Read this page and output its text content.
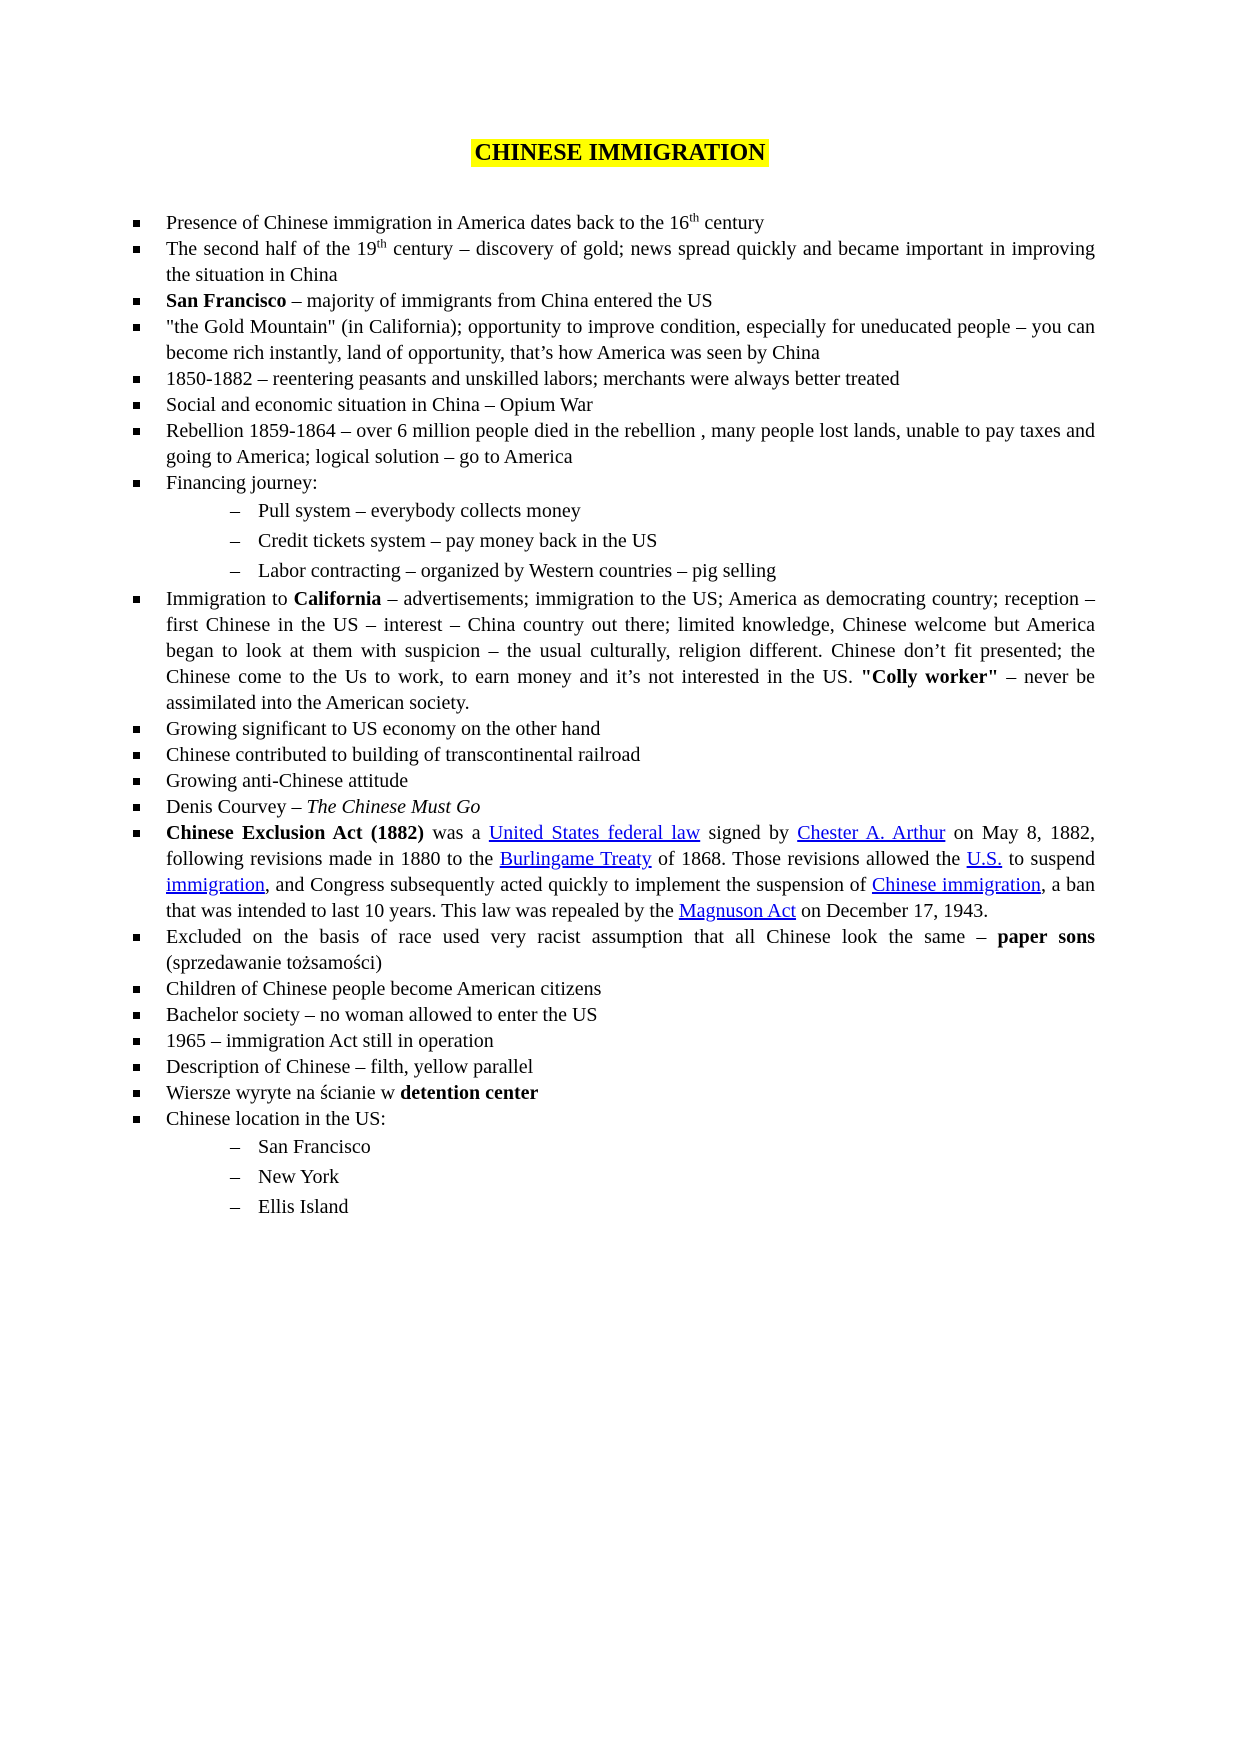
CHINESE IMMIGRATION
Presence of Chinese immigration in America dates back to the 16th century
The second half of the 19th century – discovery of gold; news spread quickly and became important in improving the situation in China
San Francisco – majority of immigrants from China entered the US
"the Gold Mountain" (in California); opportunity to improve condition, especially for uneducated people – you can become rich instantly, land of opportunity, that’s how America was seen by China
1850-1882 – reentering peasants and unskilled labors; merchants were always better treated
Social and economic situation in China – Opium War
Rebellion 1859-1864 – over 6 million people died in the rebellion , many people lost lands, unable to pay taxes and going to America; logical solution – go to America
Financing journey:
– Pull system – everybody collects money
– Credit tickets system – pay money back in the US
– Labor contracting – organized by Western countries – pig selling
Immigration to California – advertisements; immigration to the US; America as democrating country; reception – first Chinese in the US – interest – China country out there; limited knowledge, Chinese welcome but America began to look at them with suspicion – the usual culturally, religion different. Chinese don’t fit presented; the Chinese come to the Us to work, to earn money and it’s not interested in the US. "Colly worker" – never be assimilated into the American society.
Growing significant to US economy on the other hand
Chinese contributed to building of transcontinental railroad
Growing anti-Chinese attitude
Denis Courvey – The Chinese Must Go
Chinese Exclusion Act (1882) was a United States federal law signed by Chester A. Arthur on May 8, 1882, following revisions made in 1880 to the Burlingame Treaty of 1868. Those revisions allowed the U.S. to suspend immigration, and Congress subsequently acted quickly to implement the suspension of Chinese immigration, a ban that was intended to last 10 years. This law was repealed by the Magnuson Act on December 17, 1943.
Excluded on the basis of race used very racist assumption that all Chinese look the same – paper sons (sprzedawanie tożsamości)
Children of Chinese people become American citizens
Bachelor society – no woman allowed to enter the US
1965 – immigration Act still in operation
Description of Chinese – filth, yellow parallel
Wiersze wyryte na ścianie w detention center
Chinese location in the US:
– San Francisco
– New York
– Ellis Island
